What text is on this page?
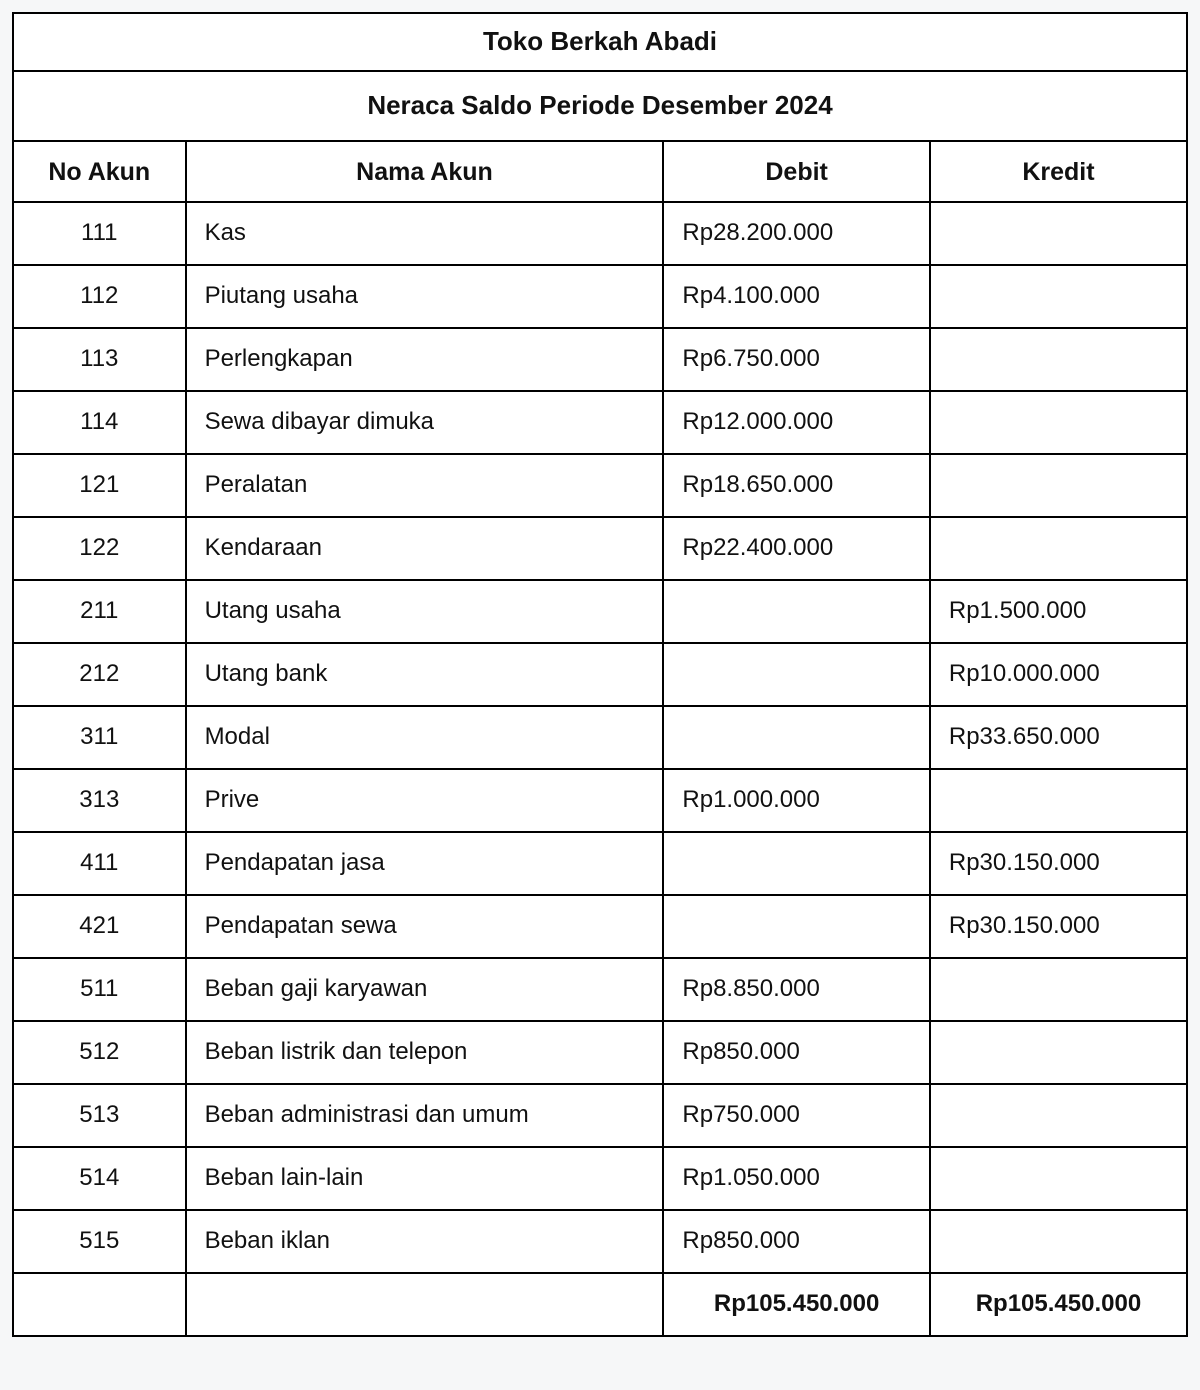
Toko Berkah Abadi			
Neraca Saldo Periode Desember 2024			
No Akun	Nama Akun	Debit	Kredit
111	Kas	Rp28.200.000	
112	Piutang usaha	Rp4.100.000	
113	Perlengkapan	Rp6.750.000	
114	Sewa dibayar dimuka	Rp12.000.000	
121	Peralatan	Rp18.650.000	
122	Kendaraan	Rp22.400.000	
211	Utang usaha		Rp1.500.000
212	Utang bank		Rp10.000.000
311	Modal		Rp33.650.000
313	Prive	Rp1.000.000	
411	Pendapatan jasa		Rp30.150.000
421	Pendapatan sewa		Rp30.150.000
511	Beban gaji karyawan	Rp8.850.000	
512	Beban listrik dan telepon	Rp850.000	
513	Beban administrasi dan umum	Rp750.000	
514	Beban lain-lain	Rp1.050.000	
515	Beban iklan	Rp850.000	
		Rp105.450.000	Rp105.450.000
